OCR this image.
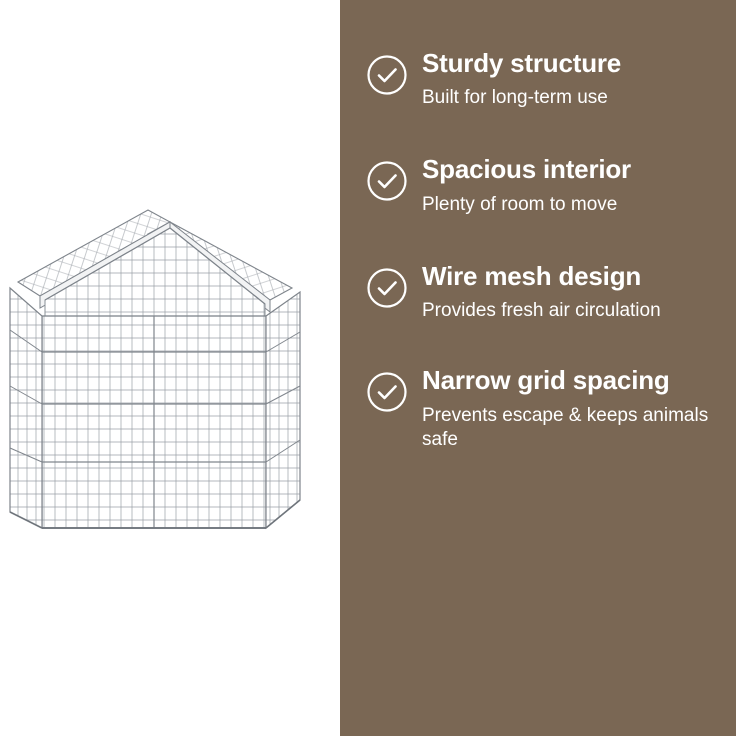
Sturdy structure

Built for long-term use

Spacious interior

Plenty of room to move

Wire mesh design

Provides fresh air circulation

Narrow grid spacing

Prevents escape & keeps animals safe
